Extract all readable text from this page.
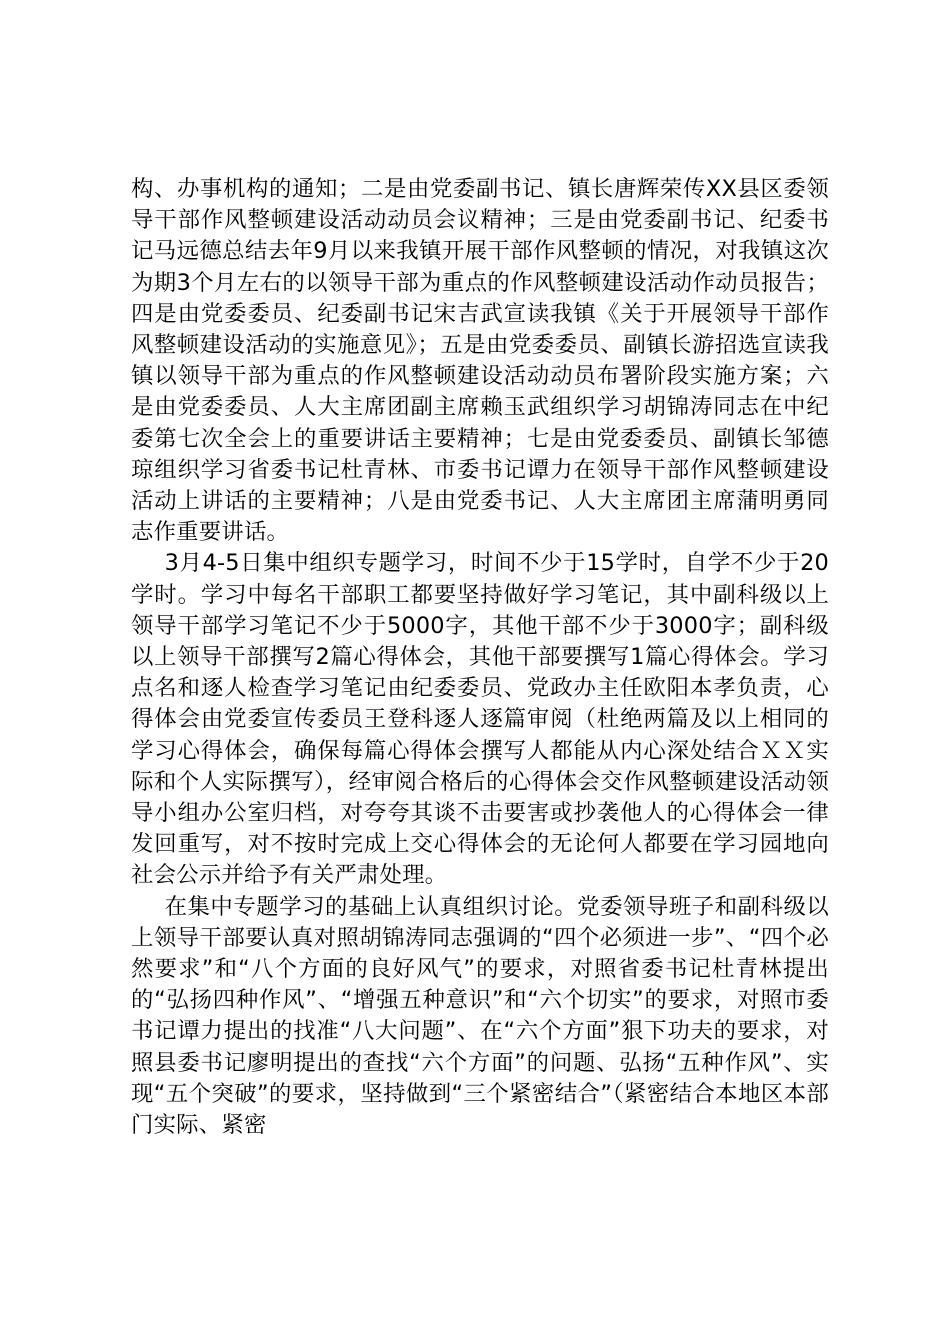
构、办事机构的通知；二是由党委副书记、镇长唐辉荣传XX县区委领导干部作风整顿建设活动动员会议精神；三是由党委副书记、纪委书记马远德总结去年9月以来我镇开展干部作风整顿的情况，对我镇这次为期3个月左右的以领导干部为重点的作风整顿建设活动作动员报告；四是由党委委员、纪委副书记宋吉武宣读我镇《关于开展领导干部作风整顿建设活动的实施意见》；五是由党委委员、副镇长游招选宣读我镇以领导干部为重点的作风整顿建设活动动员布署阶段实施方案；六是由党委委员、人大主席团副主席赖玉武组织学习胡锦涛同志在中纪委第七次全会上的重要讲话主要精神；七是由党委委员、副镇长邹德琼组织学习省委书记杜青林、市委书记谭力在领导干部作风整顿建设活动上讲话的主要精神；八是由党委书记、人大主席团主席蒲明勇同志作重要讲话。

3月4-5日集中组织专题学习，时间不少于15学时，自学不少于20学时。学习中每名干部职工都要坚持做好学习笔记，其中副科级以上领导干部学习笔记不少于5000字，其他干部不少于3000字；副科级以上领导干部撰写2篇心得体会，其他干部要撰写1篇心得体会。学习点名和逐人检查学习笔记由纪委委员、党政办主任欧阳本孝负责，心得体会由党委宣传委员王登科逐人逐篇审阅（杜绝两篇及以上相同的学习心得体会，确保每篇心得体会撰写人都能从内心深处结合ＸＸ实际和个人实际撰写），经审阅合格后的心得体会交作风整顿建设活动领导小组办公室归档，对夸夸其谈不击要害或抄袭他人的心得体会一律发回重写，对不按时完成上交心得体会的无论何人都要在学习园地向社会公示并给予有关严肃处理。

在集中专题学习的基础上认真组织讨论。党委领导班子和副科级以上领导干部要认真对照胡锦涛同志强调的“四个必须进一步”、“四个必然要求”和“八个方面的良好风气”的要求，对照省委书记杜青林提出的“弘扬四种作风”、“增强五种意识”和“六个切实”的要求，对照市委书记谭力提出的找准“八大问题”、在“六个方面”狠下功夫的要求，对照县委书记廖明提出的查找“六个方面”的问题、弘扬“五种作风”、实现“五个突破”的要求，坚持做到“三个紧密结合”（紧密结合本地区本部门实际、紧密
